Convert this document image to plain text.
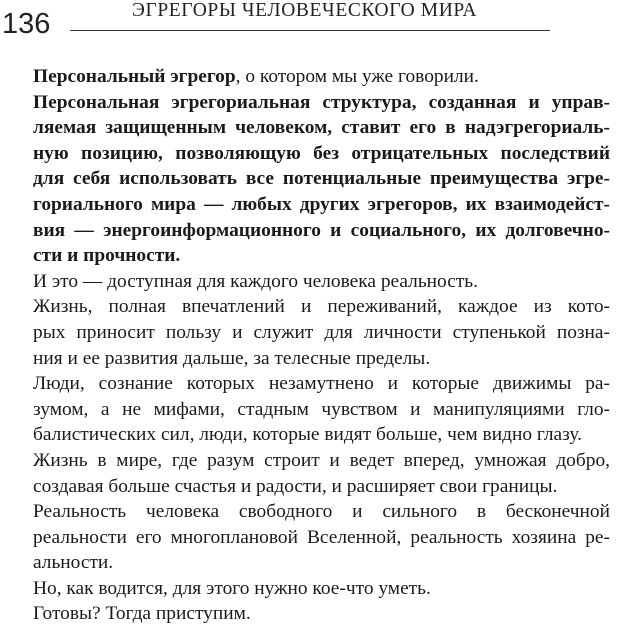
136	ЭГРЕГОРЫ ЧЕЛОВЕЧЕСКОГО МИРА

Персональный эгрегор, о котором мы уже говорили.

Персональная эгрегориальная структура, созданная и управ-
ляемая защищенным человеком, ставит его в надэгрегориаль-
ную позицию, позволяющую без отрицательных последствий
для себя использовать все потенциальные преимущества эгре-
гориального мира — любых других эгрегоров, их взаимодейст-
вия — энергоинформационного и социального, их долговечно-
сти и прочности.

И это — доступная для каждого человека реальность.

Жизнь, полная впечатлений и переживаний, каждое из кото-
рых приносит пользу и служит для личности ступенькой позна-
ния и ее развития дальше, за телесные пределы.

Люди, сознание которых незамутнено и которые движимы ра-
зумом, а не мифами, стадным чувством и манипуляциями гло-
балистических сил, люди, которые видят больше, чем видно глазу.

Жизнь в мире, где разум строит и ведет вперед, умножая добро,
создавая больше счастья и радости, и расширяет свои границы.

Реальность человека свободного и сильного в бесконечной
реальности его многоплановой Вселенной, реальность хозяина ре-
альности.

Но, как водится, для этого нужно кое-что уметь.

Готовы? Тогда приступим.
